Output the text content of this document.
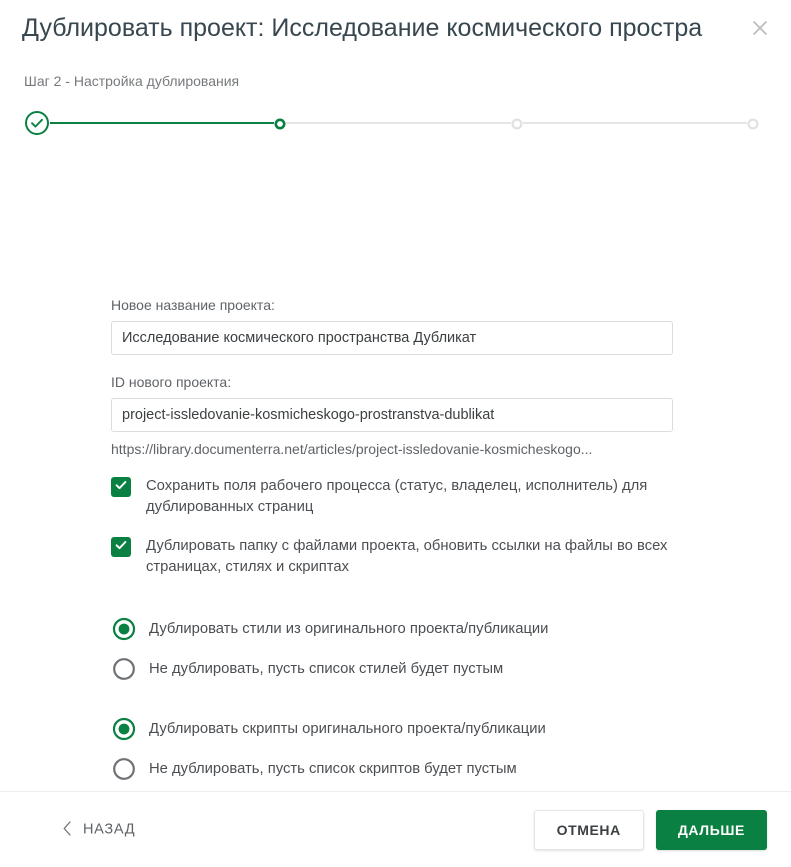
Дублировать проект: Исследование космического простра
Шаг 2 - Настройка дублирования
Новое название проекта:
Исследование космического пространства Дубликат
ID нового проекта:
project-issledovanie-kosmicheskogo-prostranstva-dublikat
https://library.documenterra.net/articles/project-issledovanie-kosmicheskogo...
Сохранить поля рабочего процесса (статус, владелец, исполнитель) для дублированных страниц
Дублировать папку с файлами проекта, обновить ссылки на файлы во всех страницах, стилях и скриптах
Дублировать стили из оригинального проекта/публикации
Не дублировать, пусть список стилей будет пустым
Дублировать скрипты оригинального проекта/публикации
Не дублировать, пусть список скриптов будет пустым
НАЗАД	ОТМЕНА	ДАЛЬШЕ
